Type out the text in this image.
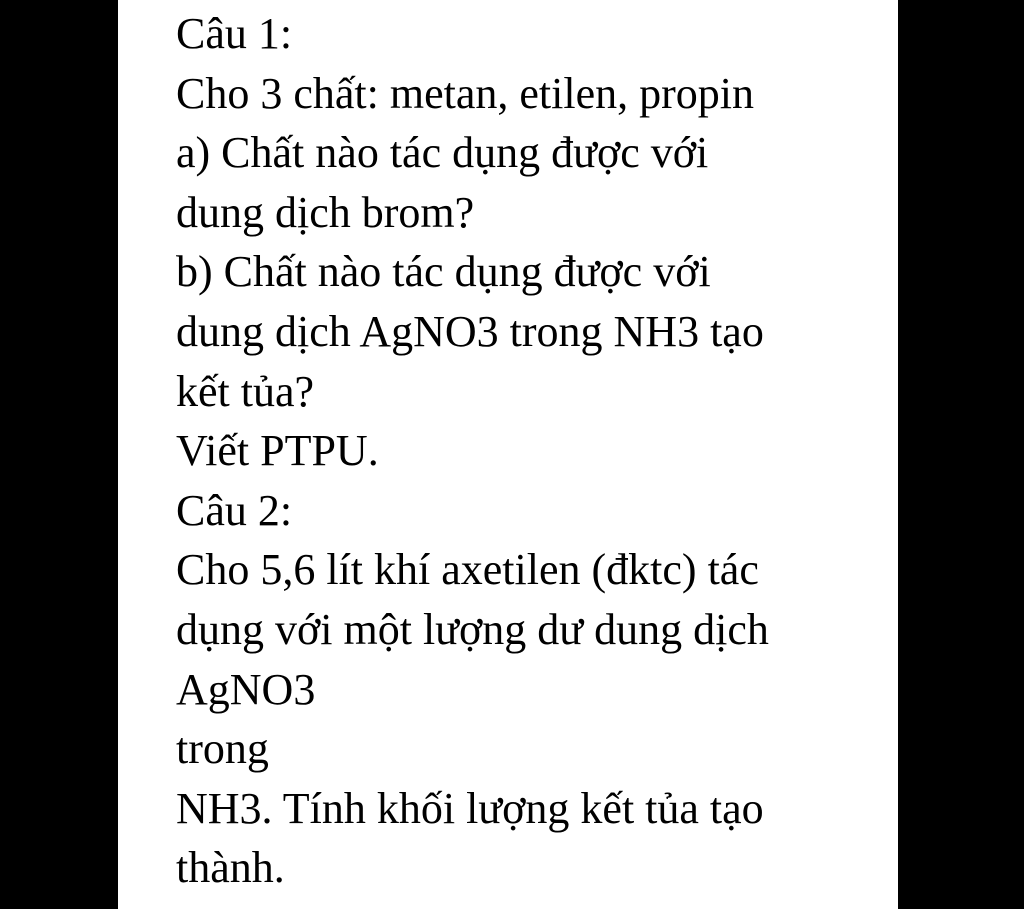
Câu 1:
Cho 3 chất: metan, etilen, propin
a) Chất nào tác dụng được với
dung dịch brom?
b) Chất nào tác dụng được với
dung dịch AgNO3 trong NH3 tạo
kết tủa?
Viết PTPU.
Câu 2:
Cho 5,6 lít khí axetilen (đktc) tác
dụng với một lượng dư dung dịch
AgNO3
trong
NH3. Tính khối lượng kết tủa tạo
thành.
